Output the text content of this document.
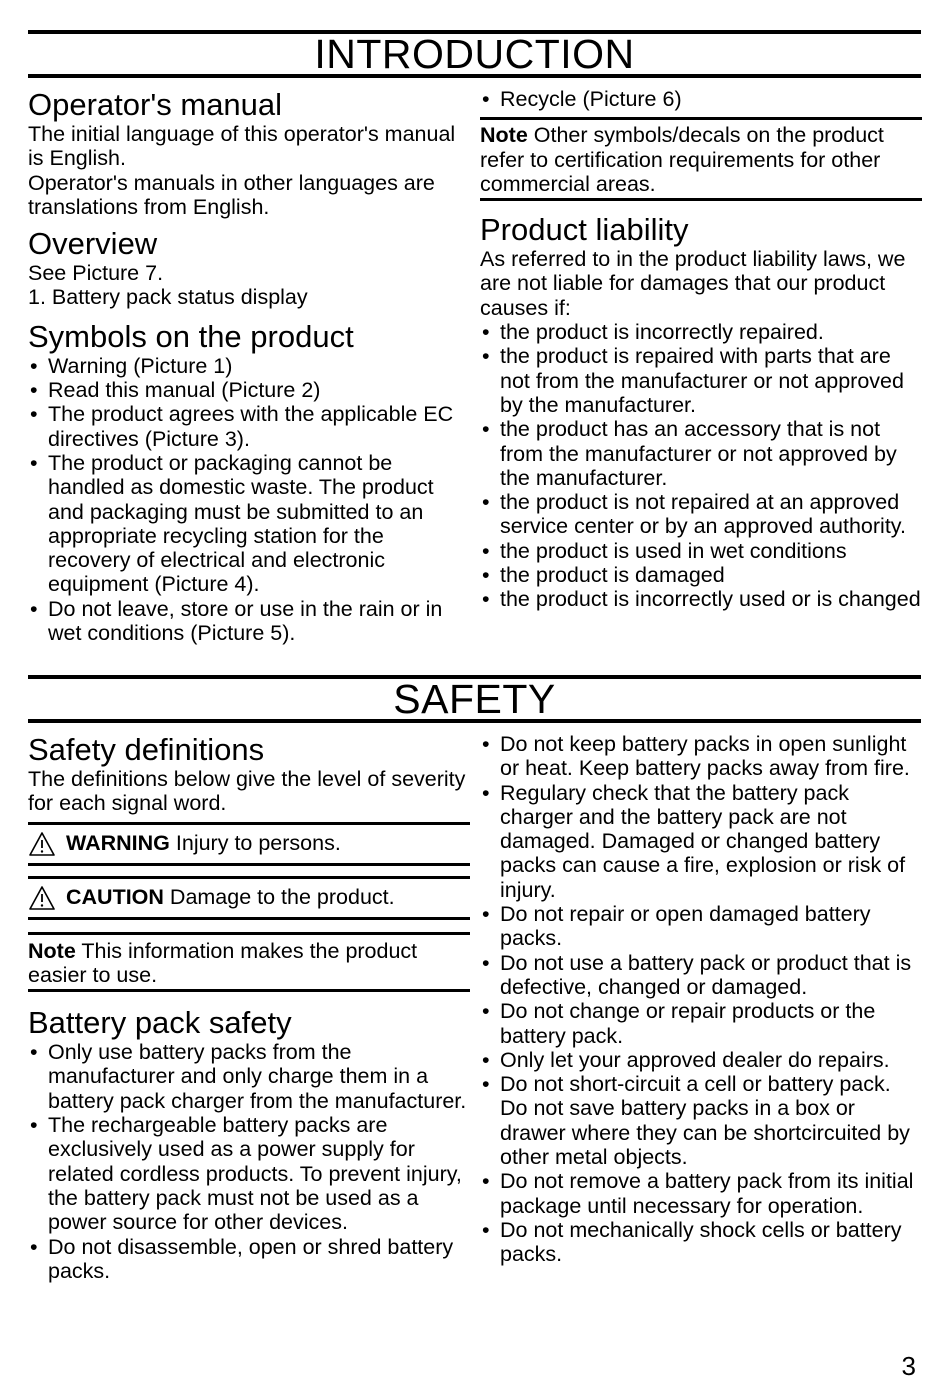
INTRODUCTION
Operator's manual

The initial language of this operator's manual is English.

Operator's manuals in other languages are translations from English.

Overview

See Picture 7.

1. Battery pack status display

Symbols on the product
• Warning (Picture 1)
• Read this manual (Picture 2)
• The product agrees with the applicable EC directives (Picture 3).
• The product or packaging cannot be handled as domestic waste. The product and packaging must be submitted to an appropriate recycling station for the recovery of electrical and electronic equipment (Picture 4).
• Do not leave, store or use in the rain or in wet conditions (Picture 5).
• Recycle (Picture 6)
Note Other symbols/decals on the product refer to certification requirements for other commercial areas.
Product liability

As referred to in the product liability laws, we are not liable for damages that our product causes if:

• the product is incorrectly repaired.
• the product is repaired with parts that are not from the manufacturer or not approved by the manufacturer.
• the product has an accessory that is not from the manufacturer or not approved by the manufacturer.
• the product is not repaired at an approved service center or by an approved authority.
• the product is used in wet conditions
• the product is damaged
• the product is incorrectly used or is changed
SAFETY
Safety definitions

The definitions below give the level of severity for each signal word.

WARNING Injury to persons.
CAUTION Damage to the product.
Note This information makes the product easier to use.
Battery pack safety
• Only use battery packs from the manufacturer and only charge them in a battery pack charger from the manufacturer.
• The rechargeable battery packs are exclusively used as a power supply for related cordless products. To prevent injury, the battery pack must not be used as a power source for other devices.
• Do not disassemble, open or shred battery packs.
• Do not keep battery packs in open sunlight or heat. Keep battery packs away from fire.
• Regulary check that the battery pack charger and the battery pack are not damaged. Damaged or changed battery packs can cause a fire, explosion or risk of injury.
• Do not repair or open damaged battery packs.
• Do not use a battery pack or product that is defective, changed or damaged.
• Do not change or repair products or the battery pack.
• Only let your approved dealer do repairs.
• Do not short-circuit a cell or battery pack. Do not save battery packs in a box or drawer where they can be shortcircuited by other metal objects.
• Do not remove a battery pack from its initial package until necessary for operation.
• Do not mechanically shock cells or battery packs.
3
